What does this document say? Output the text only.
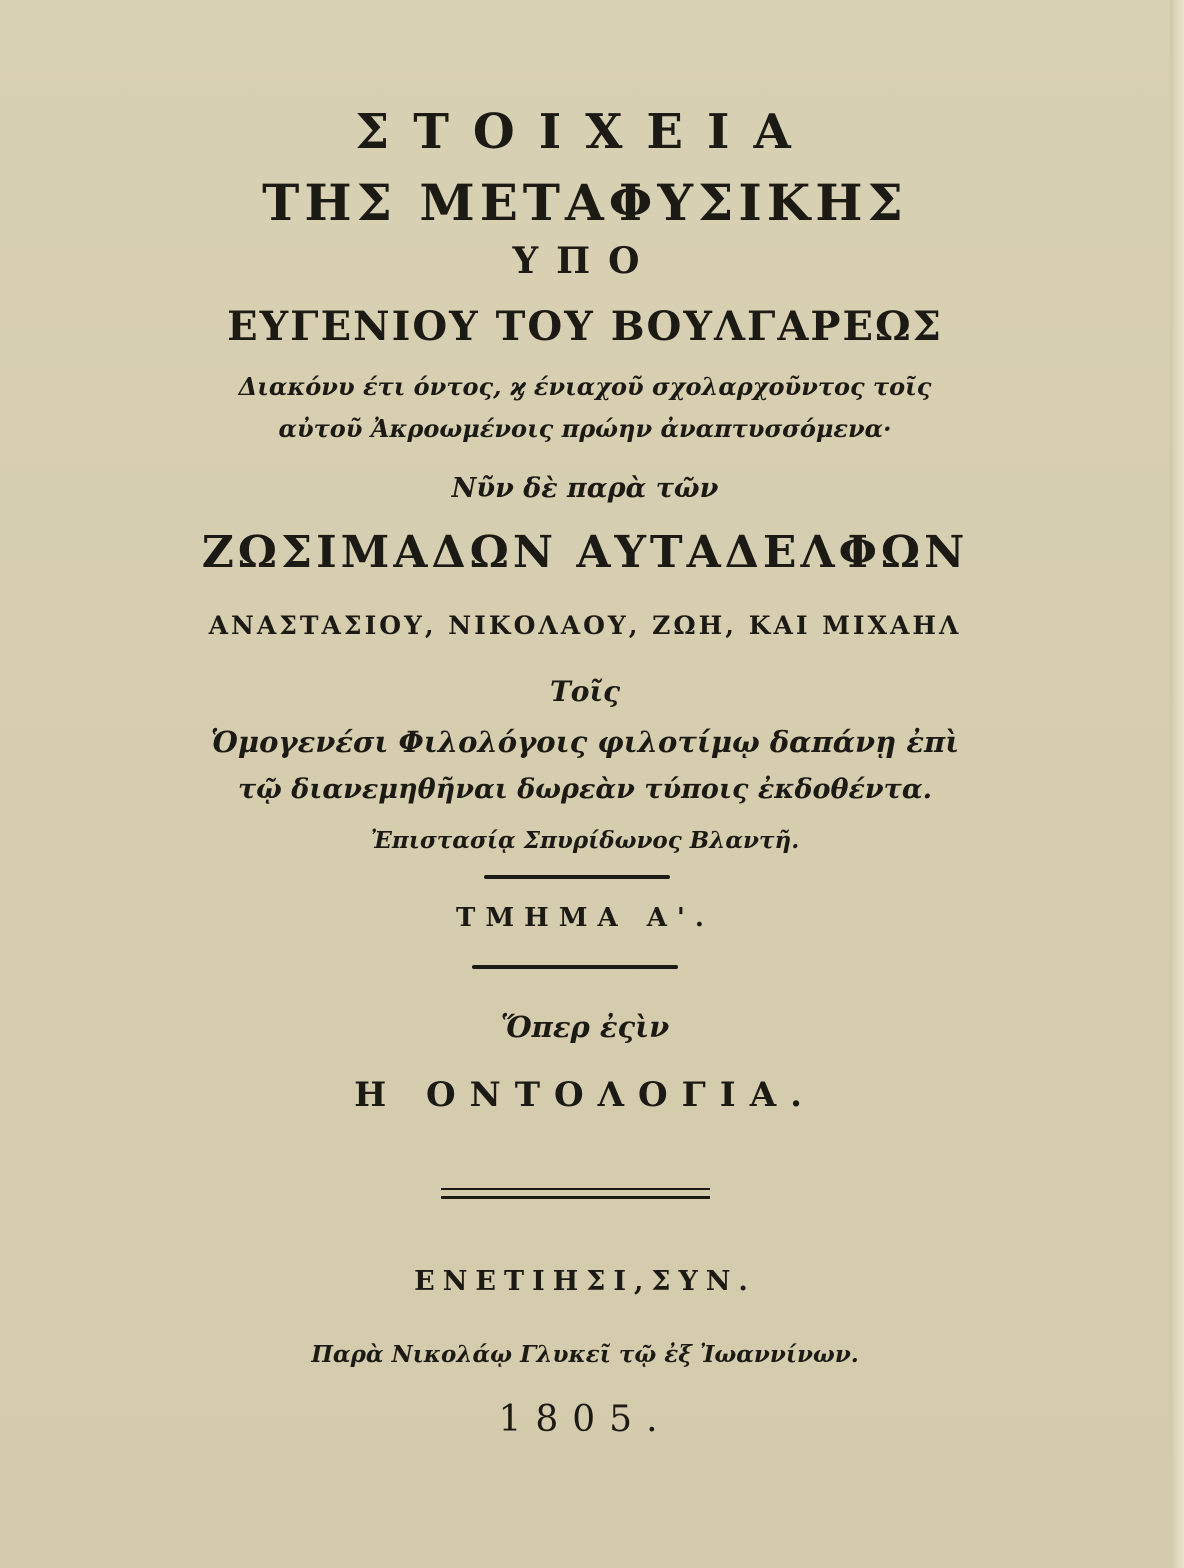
ΣΤΟΙΧΕΙΑ
ΤΗΣ ΜΕΤΑΦΥΣΙΚΗΣ
ΥΠΟ
ΕΥΓΕΝΙΟΥ ΤΟΥ ΒΟΥΛΓΑΡΕΩΣ
Διακόνυ έτι όντος, ϗ ένιαχοῦ σχολαρχοῦντος τοῖς
αὐτοῦ Ἀκροωμένοις πρώην ἀναπτυσσόμενα·
Νῦν δὲ παρὰ τῶν
ΖΩΣΙΜΑΔΩΝ ΑΥΤΑΔΕΛΦΩΝ
ΑΝΑΣΤΑΣΙΟΥ, ΝΙΚΟΛΑΟΥ, ΖΩΗ, ΚΑΙ ΜΙΧΑΗΛ
Τοῖς
Ὁμογενέσι Φιλολόγοις φιλοτίμῳ δαπάνῃ ἐπὶ
τῷ διανεμηθῆναι δωρεὰν τύποις ἐκδοθέντα.
Ἐπιστασίᾳ Σπυρίδωνος Βλαντῆ.
ΤΜΗΜΑ Α'.
Ὅπερ ἐςὶν
Η ΟΝΤΟΛΟΓΙΑ.
ΕΝΕΤΙΗΣΙ,ΣΥΝ.
Παρὰ Νικολάῳ Γλυκεῖ τῷ ἐξ Ἰωαννίνων.
1805.
